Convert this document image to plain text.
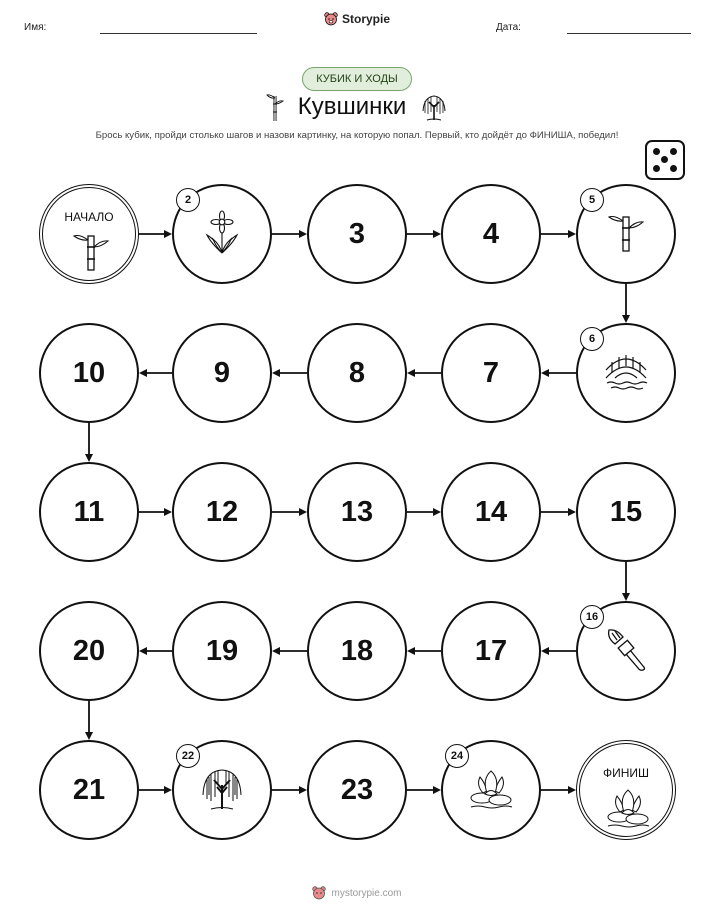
Имя:
Storypie
Дата:
КУБИК И ХОДЫ
Кувшинки
Брось кубик, пройди столько шагов и назови картинку, на которую попал. Первый, кто дойдёт до ФИНИША, победил!
НАЧАЛО
2
3	4
5
6
7
8
9
10
11	12	13	14	15
16
17
18
19
20
21
22
23
24
ФИНИШ
mystorypie.com
